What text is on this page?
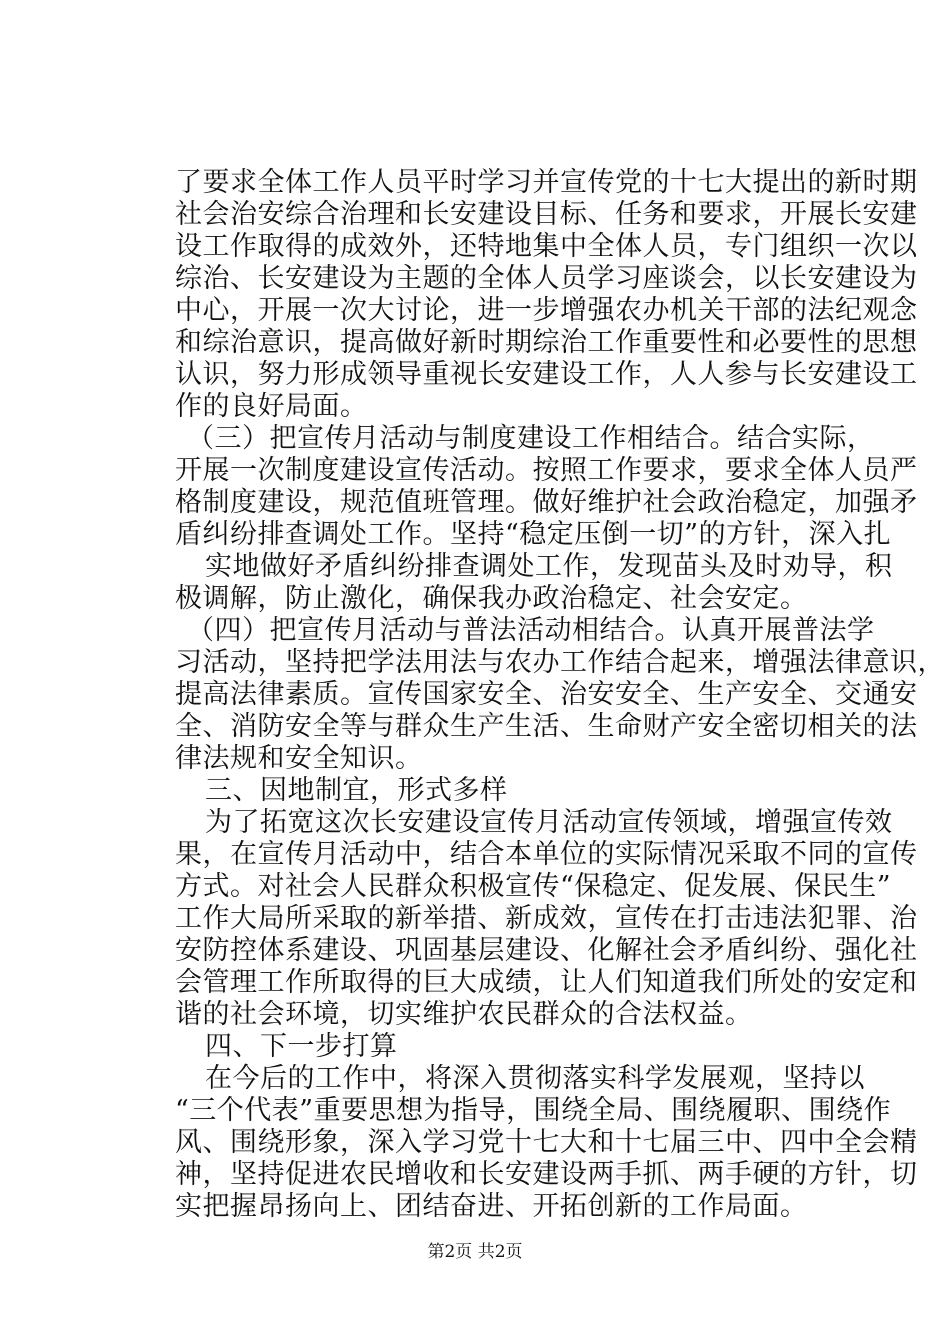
了要求全体工作人员平时学习并宣传党的十七大提出的新时期
社会治安综合治理和长安建设目标、任务和要求，开展长安建
设工作取得的成效外，还特地集中全体人员，专门组织一次以
综治、长安建设为主题的全体人员学习座谈会，以长安建设为
中心，开展一次大讨论，进一步增强农办机关干部的法纪观念
和综治意识，提高做好新时期综治工作重要性和必要性的思想
认识，努力形成领导重视长安建设工作，人人参与长安建设工
作的良好局面。
（三）把宣传月活动与制度建设工作相结合。结合实际，
开展一次制度建设宣传活动。按照工作要求，要求全体人员严
格制度建设，规范值班管理。做好维护社会政治稳定，加强矛
盾纠纷排查调处工作。坚持“稳定压倒一切”的方针，深入扎
实地做好矛盾纠纷排查调处工作，发现苗头及时劝导，积
极调解，防止激化，确保我办政治稳定、社会安定。
（四）把宣传月活动与普法活动相结合。认真开展普法学
习活动，坚持把学法用法与农办工作结合起来，增强法律意识，
提高法律素质。宣传国家安全、治安安全、生产安全、交通安
全、消防安全等与群众生产生活、生命财产安全密切相关的法
律法规和安全知识。
三、因地制宜，形式多样
为了拓宽这次长安建设宣传月活动宣传领域，增强宣传效
果，在宣传月活动中，结合本单位的实际情况采取不同的宣传
方式。对社会人民群众积极宣传“保稳定、促发展、保民生”
工作大局所采取的新举措、新成效，宣传在打击违法犯罪、治
安防控体系建设、巩固基层建设、化解社会矛盾纠纷、强化社
会管理工作所取得的巨大成绩，让人们知道我们所处的安定和
谐的社会环境，切实维护农民群众的合法权益。
四、下一步打算
在今后的工作中，将深入贯彻落实科学发展观，坚持以
“三个代表”重要思想为指导，围绕全局、围绕履职、围绕作
风、围绕形象，深入学习党十七大和十七届三中、四中全会精
神，坚持促进农民增收和长安建设两手抓、两手硬的方针，切
实把握昂扬向上、团结奋进、开拓创新的工作局面。
第2页 共2页
